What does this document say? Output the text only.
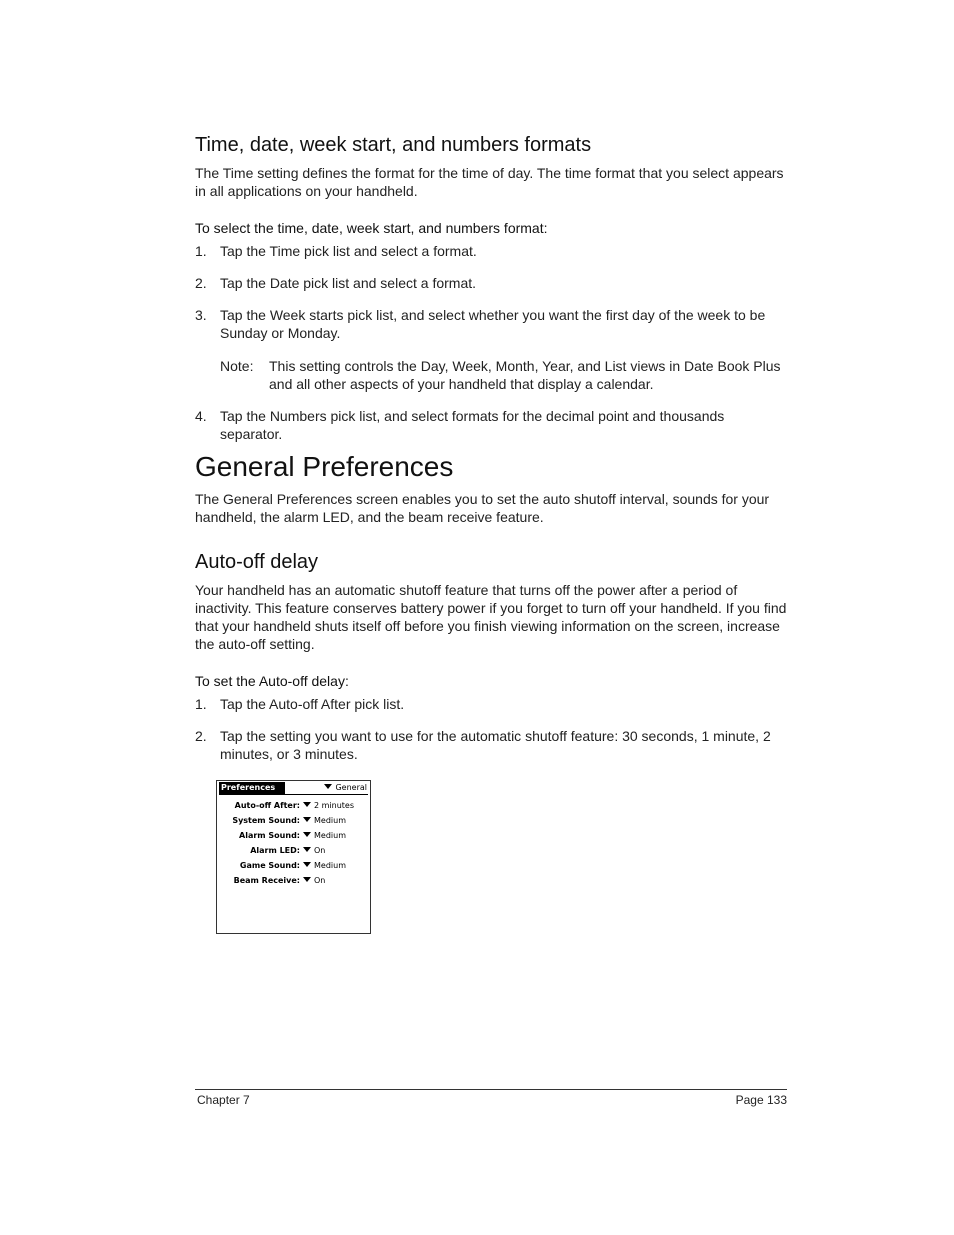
Time, date, week start, and numbers formats

The Time setting defines the format for the time of day. The time format that you select appears in all applications on your handheld.

To select the time, date, week start, and numbers format:

1. Tap the Time pick list and select a format.
2. Tap the Date pick list and select a format.
3. Tap the Week starts pick list, and select whether you want the first day of the week to be Sunday or Monday.
Note: This setting controls the Day, Week, Month, Year, and List views in Date Book Plus and all other aspects of your handheld that display a calendar.
4. Tap the Numbers pick list, and select formats for the decimal point and thousands separator.
General Preferences

The General Preferences screen enables you to set the auto shutoff interval, sounds for your handheld, the alarm LED, and the beam receive feature.

Auto-off delay

Your handheld has an automatic shutoff feature that turns off the power after a period of inactivity. This feature conserves battery power if you forget to turn off your handheld. If you find that your handheld shuts itself off before you finish viewing information on the screen, increase the auto-off setting.

To set the Auto-off delay:

1. Tap the Auto-off After pick list.
2. Tap the setting you want to use for the automatic shutoff feature: 30 seconds, 1 minute, 2 minutes, or 3 minutes.
Preferences	General
Auto-off After:	2 minutes
System Sound:	Medium
Alarm Sound:	Medium
Alarm LED:	On
Game Sound:	Medium
Beam Receive:	On
Chapter 7	Page 133
